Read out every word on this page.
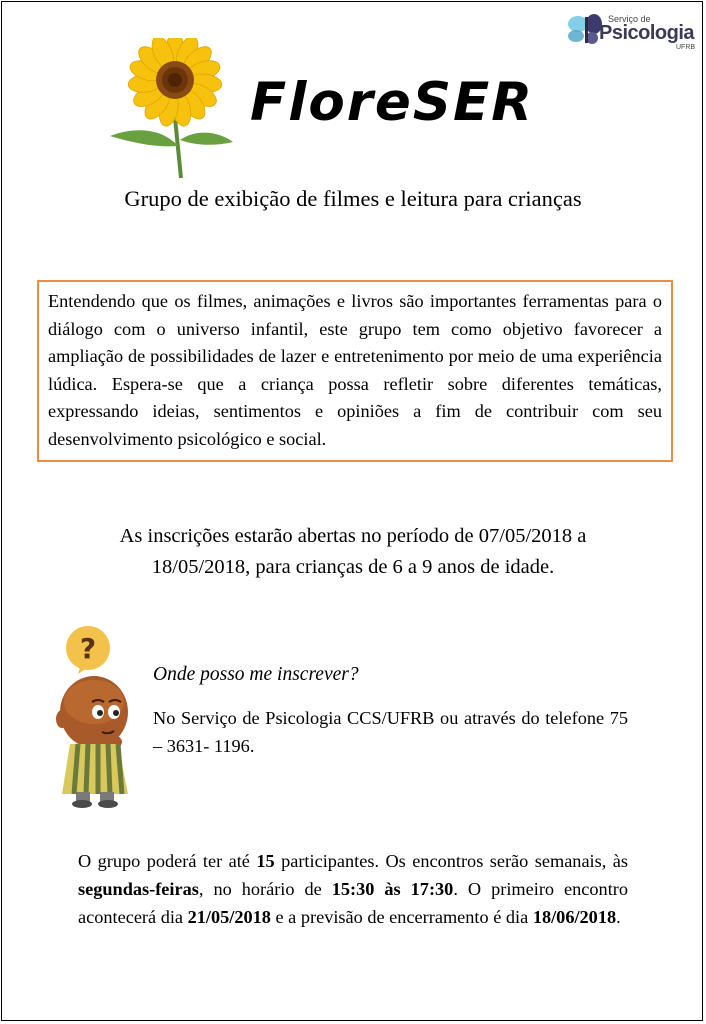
Serviço de
Psicologia
UFRB
FloreSER
Grupo de exibição de filmes e leitura para crianças

Entendendo que os filmes, animações e livros são importantes ferramentas para o diálogo com o universo infantil, este grupo tem como objetivo favorecer a ampliação de possibilidades de lazer e entretenimento por meio de uma experiência lúdica. Espera-se que a criança possa refletir sobre diferentes temáticas, expressando ideias, sentimentos e opiniões a fim de contribuir com seu desenvolvimento psicológico e social.

As inscrições estarão abertas no período de 07/05/2018 a
18/05/2018, para crianças de 6 a 9 anos de idade.
?
Onde posso me inscrever?
No Serviço de Psicologia CCS/UFRB ou através do telefone 75 – 3631- 1196.
O grupo poderá ter até 15 participantes. Os encontros serão semanais, às segundas-feiras, no horário de 15:30 às 17:30. O primeiro encontro acontecerá dia 21/05/2018 e a previsão de encerramento é dia 18/06/2018.
